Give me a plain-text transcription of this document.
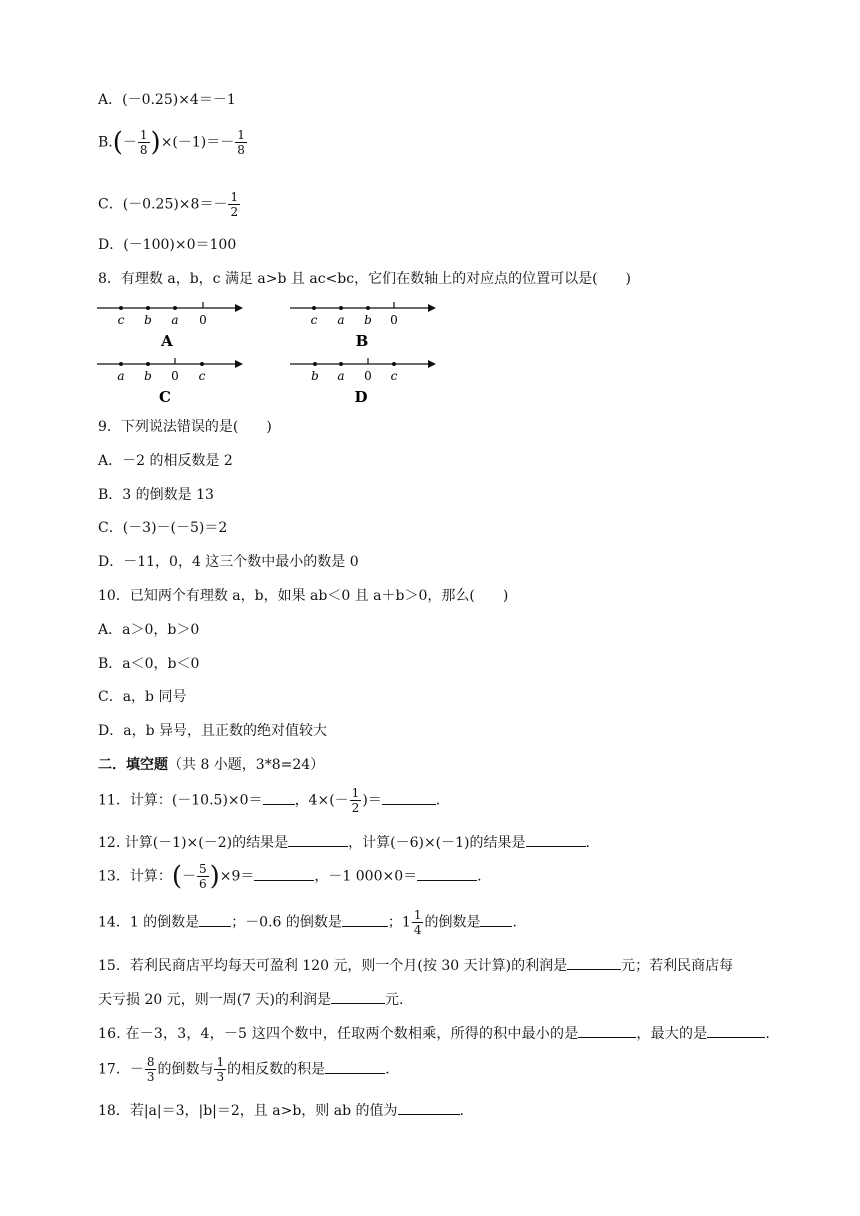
A．(－0.25)×4＝－1
$B.(- \frac{1}{8} )\times(-1)=- \frac{1}{8}$
C．$(-0.25)\times 8=- \frac{1}{2}$
D．(－100)×0＝100
8．有理数 a，b，c 满足 a>b 且 ac<bc，它们在数轴上的对应点的位置可以是(　　)
c b a 0
A
c a b 0
B
a b 0 c
C
b a 0 c
D
9．下列说法错误的是(　　)
A．－2 的相反数是 2
B．3 的倒数是 13
C．(－3)－(－5)＝2
D．－11，0，4 这三个数中最小的数是 0
10．已知两个有理数 a，b，如果 ab＜0 且 a＋b＞0，那么(　　)
A．a＞0，b＞0
B．a＜0，b＜0
C．a，b 同号
D．a，b 异号，且正数的绝对值较大
二．填空题（共 8 小题，3*8=24）
11．计算：(－10.5)×0＝ ，$4\times(- \frac{1}{2}$ )＝	.
12. 计算(－1)×(－2)的结果是	，计算(－6)×(－1)的结果是	.
13．计算：(－ $\frac{5}{6} )\times 9=$	，－1 000×0＝	.
14．1 的倒数是 ；－0.6 的倒数是	；$1 \frac{1}{4}$ 的倒数是 .
15．若利民商店平均每天可盈利 120 元，则一个月(按 30 天计算)的利润是	元；若利民商店每
天亏损 20 元，则一周(7 天)的利润是	元.
16. 在－3，3，4，－5 这四个数中，任取两个数相乘，所得的积中最小的是	，最大的是	.
17．－ $\frac{8}{3}$ 的倒数与 $\frac{1}{3}$ 的相反数的积是	.
18．若|a|＝3，|b|＝2，且 a>b，则 ab 的值为	.
